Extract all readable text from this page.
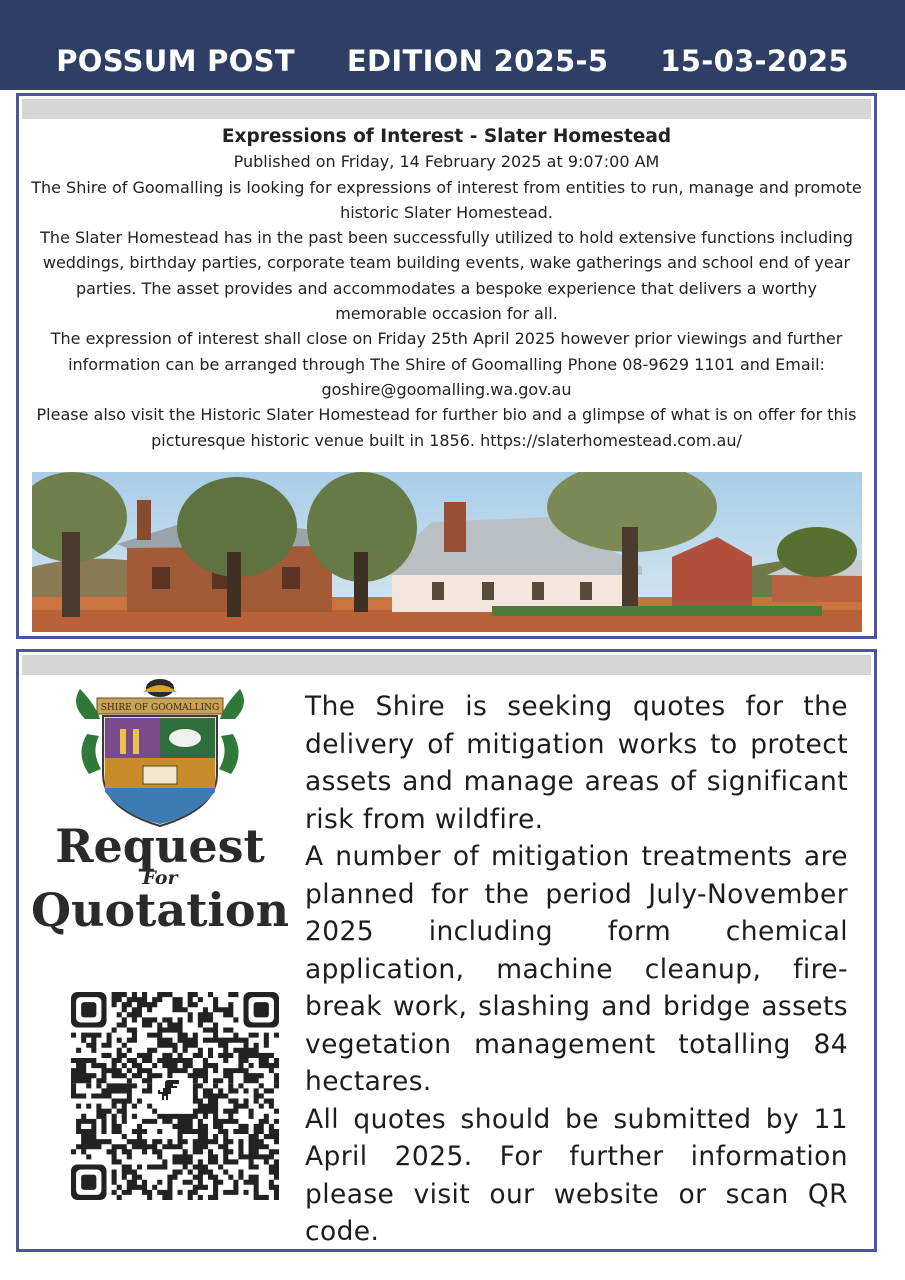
POSSUM POST     EDITION 2025-5     15-03-2025
Expressions of Interest - Slater Homestead
Published on Friday, 14 February 2025 at 9:07:00 AM
The Shire of Goomalling is looking for expressions of interest from entities to run, manage and promote historic Slater Homestead.
The Slater Homestead has in the past been successfully utilized to hold extensive functions including weddings, birthday parties, corporate team building events, wake gatherings and school end of year parties. The asset provides and accommodates a bespoke experience that delivers a worthy memorable occasion for all.
The expression of interest shall close on Friday 25th April 2025 however prior viewings and further information can be arranged through The Shire of Goomalling Phone 08-9629 1101 and Email: goshire@goomalling.wa.gov.au
Please also visit the Historic Slater Homestead for further bio and a glimpse of what is on offer for this picturesque historic venue built in 1856. https://slaterhomestead.com.au/
SHIRE OF GOOMALLING
Request
For
Quotation

The Shire is seeking quotes for the delivery of mitigation works to protect assets and manage areas of significant risk from wildfire.

A number of mitigation treatments are planned for the period July-November 2025 including form chemical application, machine cleanup, fire-break work, slashing and bridge assets vegetation management totalling 84 hectares.

All quotes should be submitted by 11 April 2025. For further information please visit our website or scan QR code.
